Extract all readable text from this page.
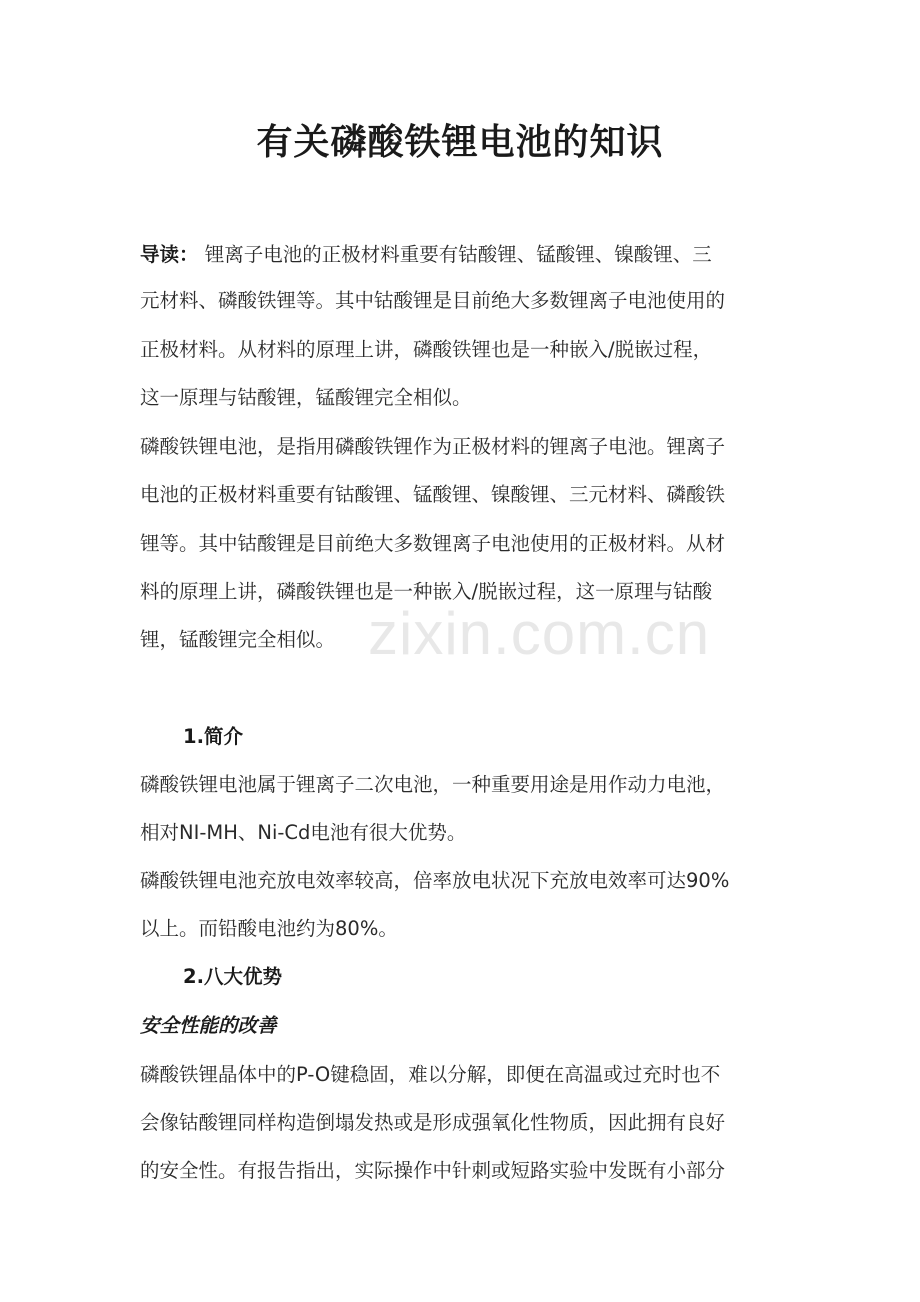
有关磷酸铁锂电池的知识
导读： 锂离子电池的正极材料重要有钴酸锂、锰酸锂、镍酸锂、三
元材料、磷酸铁锂等。其中钴酸锂是目前绝大多数锂离子电池使用的
正极材料。从材料的原理上讲，磷酸铁锂也是一种嵌入/脱嵌过程，
这一原理与钴酸锂，锰酸锂完全相似。
磷酸铁锂电池，是指用磷酸铁锂作为正极材料的锂离子电池。锂离子
电池的正极材料重要有钴酸锂、锰酸锂、镍酸锂、三元材料、磷酸铁
锂等。其中钴酸锂是目前绝大多数锂离子电池使用的正极材料。从材
料的原理上讲，磷酸铁锂也是一种嵌入/脱嵌过程，这一原理与钴酸
锂，锰酸锂完全相似。
1.简介
磷酸铁锂电池属于锂离子二次电池，一种重要用途是用作动力电池，
相对NI-MH、Ni-Cd电池有很大优势。
磷酸铁锂电池充放电效率较高，倍率放电状况下充放电效率可达90%
以上。而铅酸电池约为80%。
2.八大优势
安全性能的改善
磷酸铁锂晶体中的P-O键稳固，难以分解，即便在高温或过充时也不
会像钴酸锂同样构造倒塌发热或是形成强氧化性物质，因此拥有良好
的安全性。有报告指出，实际操作中针刺或短路实验中发既有小部分
zixin.com.cn
